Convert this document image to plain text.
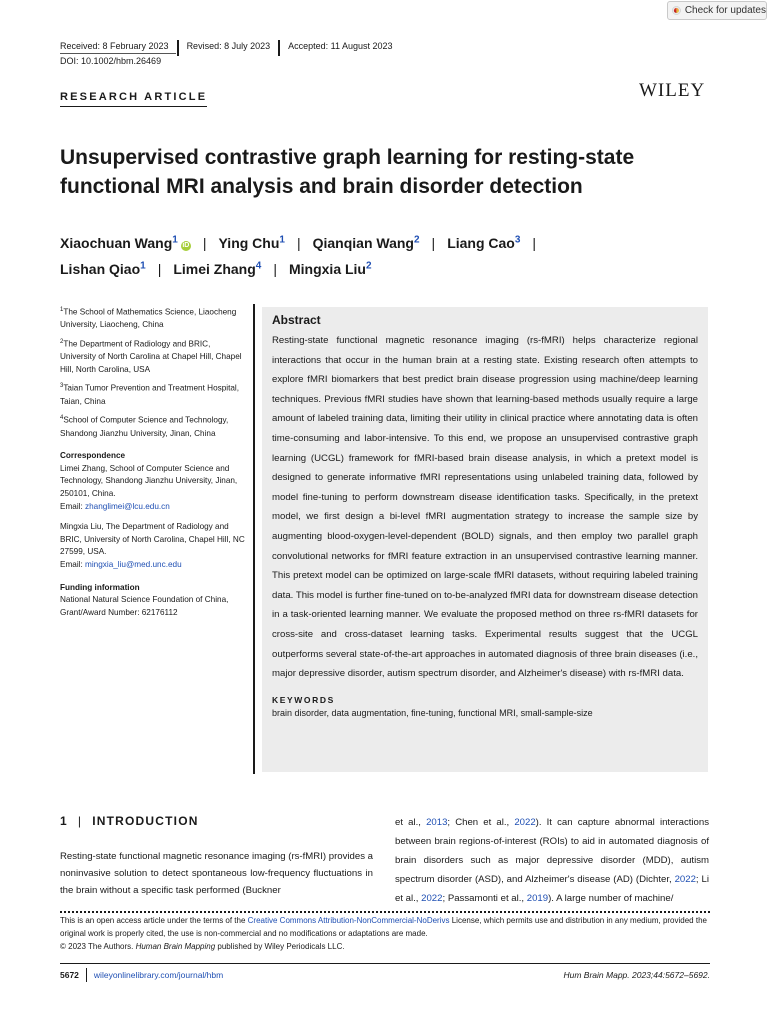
Check for updates
Received: 8 February 2023 Revised: 8 July 2023 Accepted: 11 August 2023
DOI: 10.1002/hbm.26469
RESEARCH ARTICLE	WILEY
Unsupervised contrastive graph learning for resting-state functional MRI analysis and brain disorder detection
Xiaochuan Wang$^1$iD | Ying Chu$^1$ | Qianqian Wang$^2$ | Liang Cao$^3$ |
Lishan Qiao$^1$ | Limei Zhang$^4$ | Mingxia Liu$^2$

$^1$The School of Mathematics Science, Liaocheng University, Liaocheng, China

$^2$The Department of Radiology and BRIC, University of North Carolina at Chapel Hill, Chapel Hill, North Carolina, USA

$^3$Taian Tumor Prevention and Treatment Hospital, Taian, China

$^4$School of Computer Science and Technology, Shandong Jianzhu University, Jinan, China

Correspondence

Limei Zhang, School of Computer Science and Technology, Shandong Jianzhu University, Jinan, 250101, China.
Email: zhanglimei@lcu.edu.cn

Mingxia Liu, The Department of Radiology and BRIC, University of North Carolina, Chapel Hill, NC 27599, USA.
Email: mingxia_liu@med.unc.edu

Funding information

National Natural Science Foundation of China, Grant/Award Number: 62176112

Abstract

Resting-state functional magnetic resonance imaging (rs-fMRI) helps characterize regional interactions that occur in the human brain at a resting state. Existing research often attempts to explore fMRI biomarkers that best predict brain disease progression using machine/deep learning techniques. Previous fMRI studies have shown that learning-based methods usually require a large amount of labeled training data, limiting their utility in clinical practice where annotating data is often time-consuming and labor-intensive. To this end, we propose an unsupervised contrastive graph learning (UCGL) framework for fMRI-based brain disease analysis, in which a pretext model is designed to generate informative fMRI representations using unlabeled training data, followed by model fine-tuning to perform downstream disease identification tasks. Specifically, in the pretext model, we first design a bi-level fMRI augmentation strategy to increase the sample size by augmenting blood-oxygen-level-dependent (BOLD) signals, and then employ two parallel graph convolutional networks for fMRI feature extraction in an unsupervised contrastive learning manner. This pretext model can be optimized on large-scale fMRI datasets, without requiring labeled training data. This model is further fine-tuned on to-be-analyzed fMRI data for downstream disease detection in a task-oriented learning manner. We evaluate the proposed method on three rs-fMRI datasets for cross-site and cross-dataset learning tasks. Experimental results suggest that the UCGL outperforms several state-of-the-art approaches in automated diagnosis of three brain diseases (i.e., major depressive disorder, autism spectrum disorder, and Alzheimer's disease) with rs-fMRI data.

KEYWORDS
brain disorder, data augmentation, fine-tuning, functional MRI, small-sample-size
1 | INTRODUCTION

Resting-state functional magnetic resonance imaging (rs-fMRI) provides a noninvasive solution to detect spontaneous low-frequency fluctuations in the brain without a specific task performed (Buckner

et al., 2013; Chen et al., 2022). It can capture abnormal interactions between brain regions-of-interest (ROIs) to aid in automated diagnosis of brain disorders such as major depressive disorder (MDD), autism spectrum disorder (ASD), and Alzheimer's disease (AD) (Dichter, 2022; Li et al., 2022; Passamonti et al., 2019). A large number of machine/

This is an open access article under the terms of the Creative Commons Attribution-NonCommercial-NoDerivs License, which permits use and distribution in any medium, provided the original work is properly cited, the use is non-commercial and no modifications or adaptations are made.
© 2023 The Authors. Human Brain Mapping published by Wiley Periodicals LLC.

5672 wileyonlinelibrary.com/journal/hbm	Hum Brain Mapp. 2023;44:5672–5692.
